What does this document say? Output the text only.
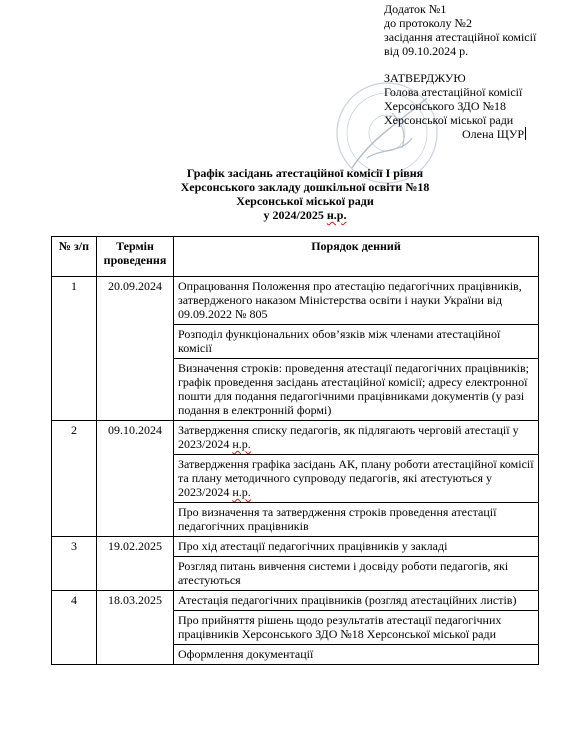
Додаток №1
до протоколу №2
засідання атестаційної комісії
від 09.10.2024 р.
ЗАТВЕРДЖУЮ
Голова атестаційної комісії
Херсонського ЗДО №18
Херсонської міської ради
Олена ЩУР
Графік засідань атестаційної комісії І рівня
Херсонського закладу дошкільної освіти №18
Херсонської міської ради
у 2024/2025 н.р.
№ з/п	Термін проведення	Порядок денний
1	20.09.2024	Опрацювання Положення про атестацію педагогічних працівників, затвердженого наказом Міністерства освіти і науки України від 09.09.2022 № 805
		Розподіл функціональних обов’язків між членами атестаційної комісії
		Визначення строків: проведення атестації педагогічних працівників; графік проведення засідань атестаційної комісії; адресу електронної пошти для подання педагогічними працівниками документів (у разі подання в електронній формі)
2	09.10.2024	Затвердження списку педагогів, як підлягають черговій атестації у 2023/2024 н.р.
		Затвердження графіка засідань АК, плану роботи атестаційної комісії та плану методичного супроводу педагогів, які атестуються у 2023/2024 н.р.
		Про визначення та затвердження строків проведення атестації педагогічних працівників
3	19.02.2025	Про хід атестації педагогічних працівників у закладі
		Розгляд питань вивчення системи і досвіду роботи педагогів, які атестуються
4	18.03.2025	Атестація педагогічних працівників (розгляд атестаційних листів)
		Про прийняття рішень щодо результатів атестації педагогічних працівників Херсонського ЗДО №18 Херсонської міської ради
		Оформлення документації
